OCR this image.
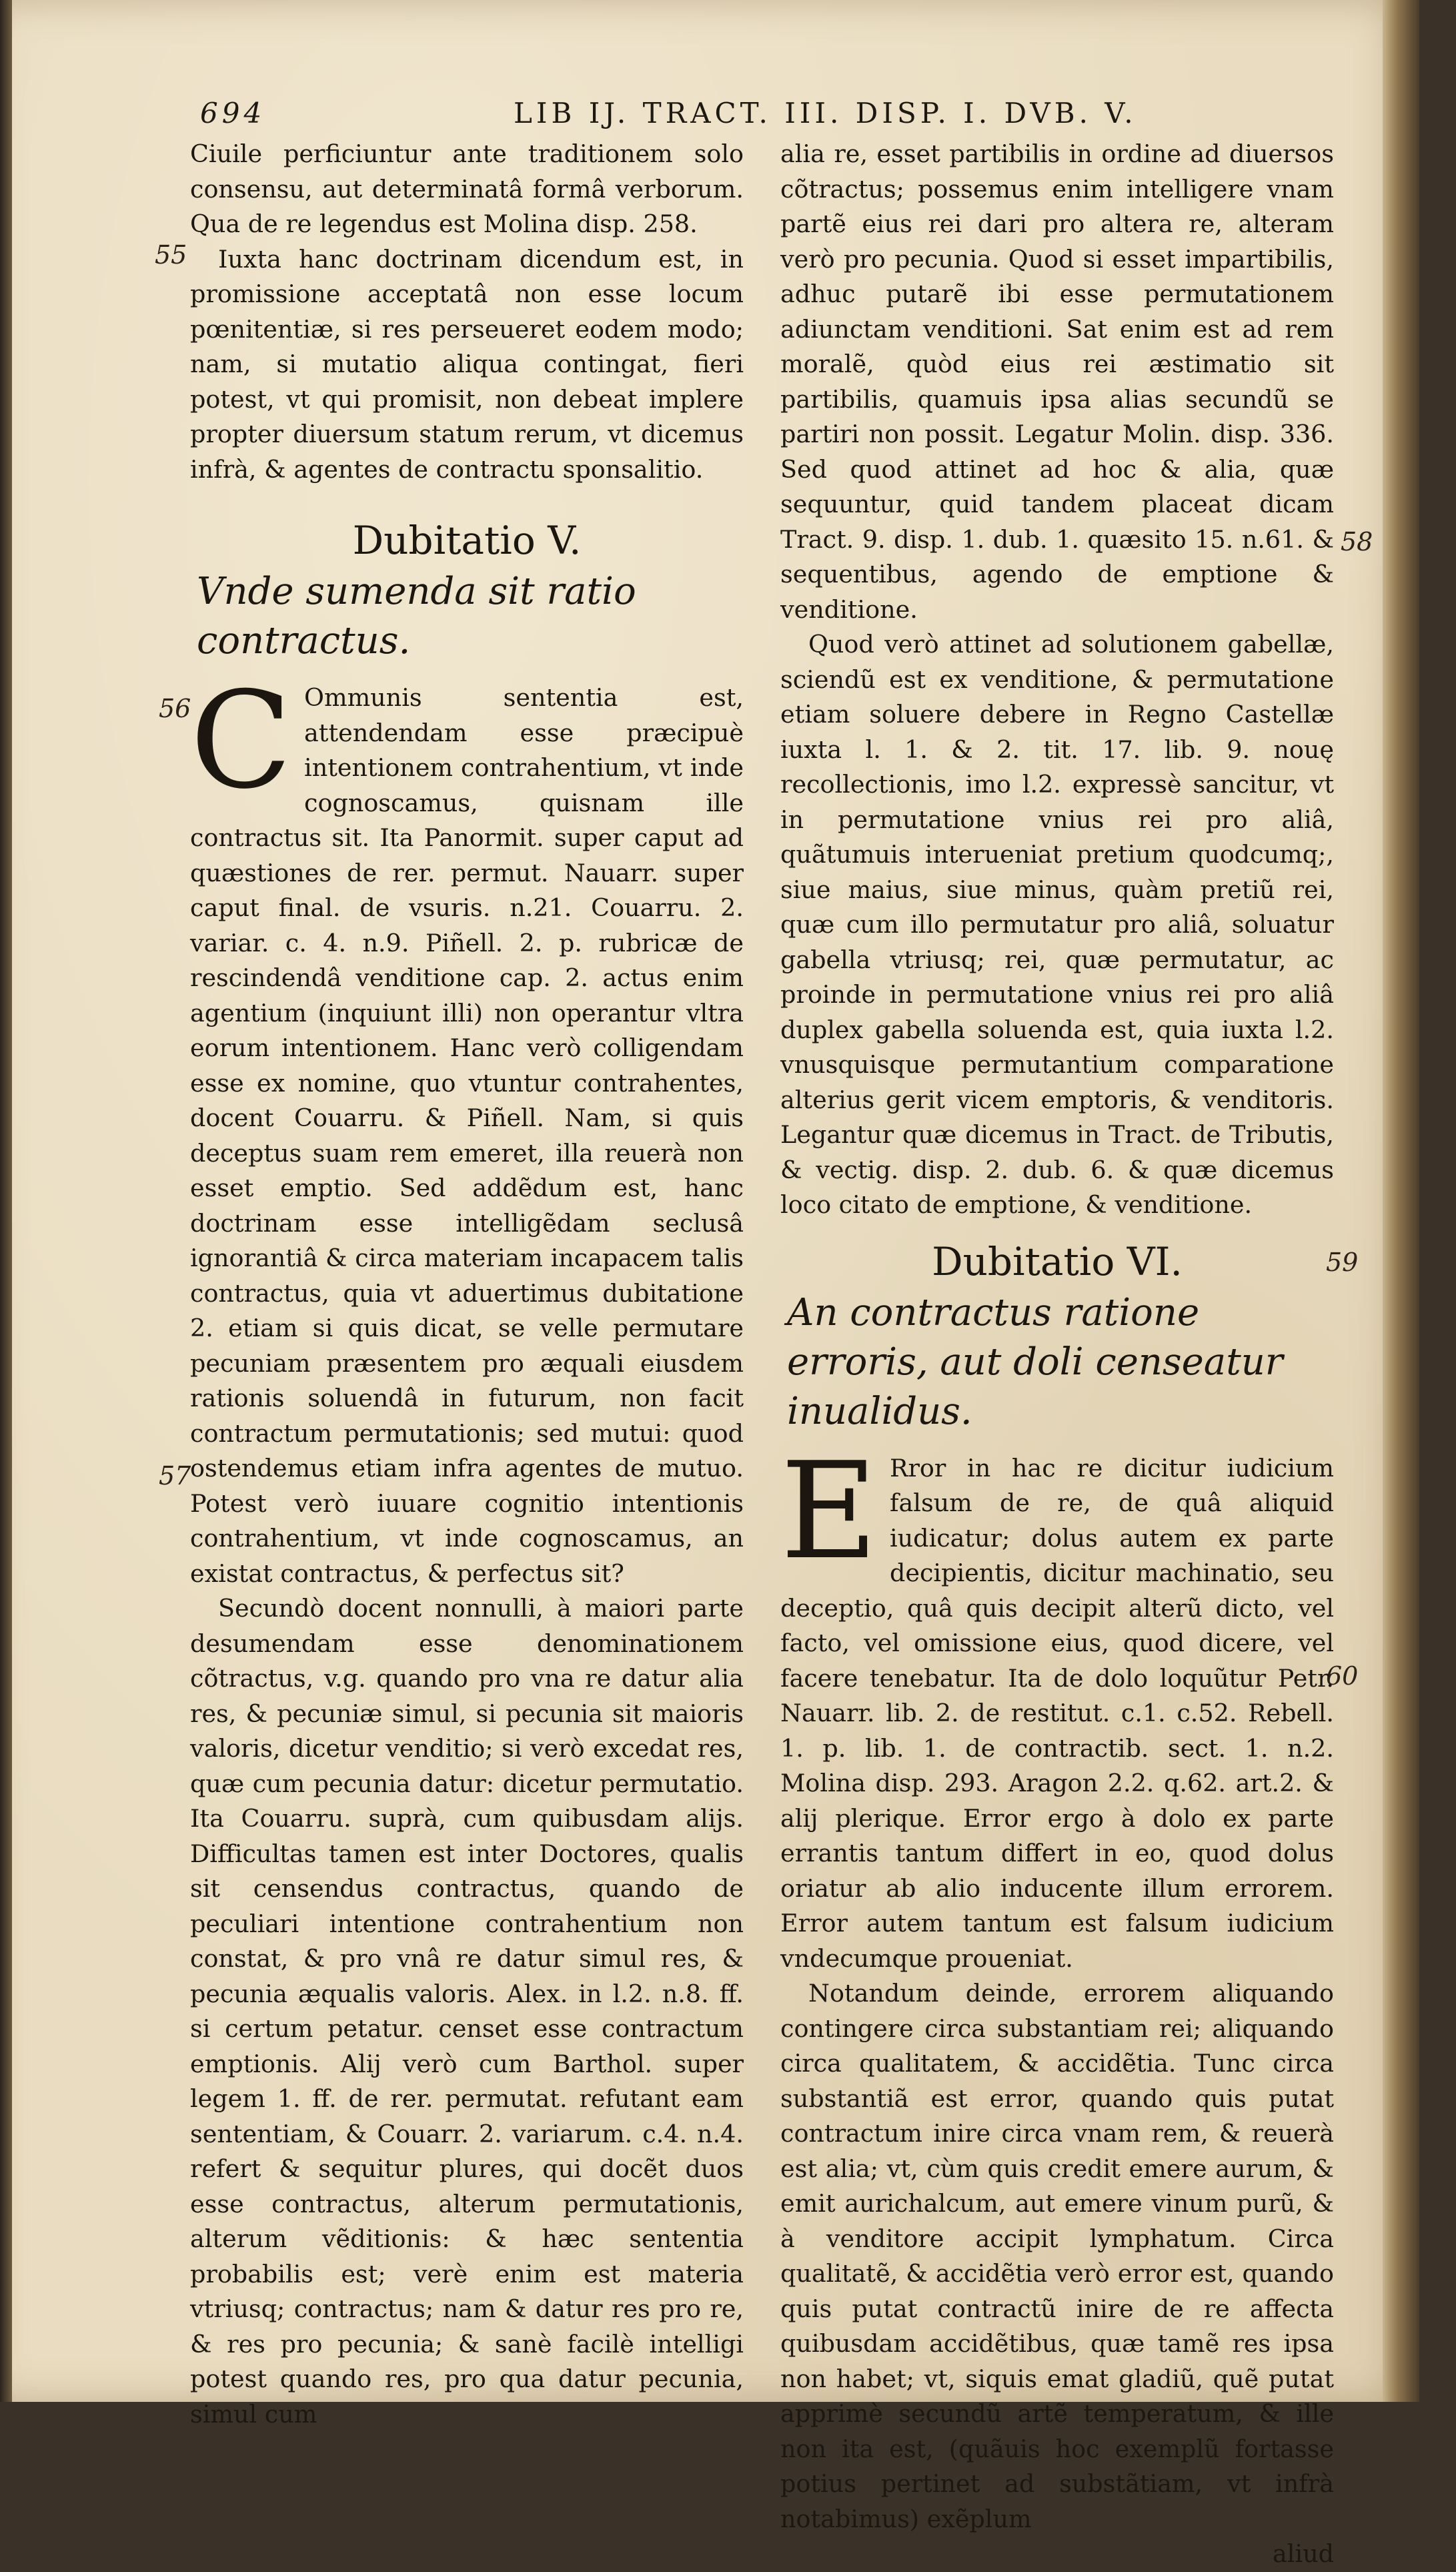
694	LIB IJ. TRACT. III. DISP. I. DVB. V.
55
56
57
58
59
60

Ciuile perficiuntur ante traditionem solo consensu, aut determinatâ formâ verborum. Qua de re legendus est Molina disp. 258.

Iuxta hanc doctrinam dicendum est, in promissione acceptatâ non esse locum pœnitentiæ, si res perseueret eodem modo; nam, si mutatio aliqua contingat, fieri potest, vt qui promisit, non debeat implere propter diuersum statum rerum, vt dicemus infrà, & agentes de contractu sponsalitio.

Dubitatio V.
Vnde sumenda sit ratio contractus.

C Ommunis sententia est, attendendam esse præcipuè intentionem contrahentium, vt inde cognoscamus, quisnam ille contractus sit. Ita Panormit. super caput ad quæstiones de rer. permut. Nauarr. super caput final. de vsuris. n.21. Couarru. 2. variar. c. 4. n.9. Piñell. 2. p. rubricæ de rescindendâ venditione cap. 2. actus enim agentium (inquiunt illi) non operantur vltra eorum intentionem. Hanc verò colligendam esse ex nomine, quo vtuntur contrahentes, docent Couarru. & Piñell. Nam, si quis deceptus suam rem emeret, illa reuerà non esset emptio. Sed addẽdum est, hanc doctrinam esse intelligẽdam seclusâ ignorantiâ & circa materiam incapacem talis contractus, quia vt aduertimus dubitatione 2. etiam si quis dicat, se velle permutare pecuniam præsentem pro æquali eiusdem rationis soluendâ in futurum, non facit contractum permutationis; sed mutui: quod ostendemus etiam infra agentes de mutuo. Potest verò iuuare cognitio intentionis contrahentium, vt inde cognoscamus, an existat contractus, & perfectus sit?

Secundò docent nonnulli, à maiori parte desumendam esse denominationem cõtractus, v.g. quando pro vna re datur alia res, & pecuniæ simul, si pecunia sit maioris valoris, dicetur venditio; si verò excedat res, quæ cum pecunia datur: dicetur permutatio. Ita Couarru. suprà, cum quibusdam alijs. Difficultas tamen est inter Doctores, qualis sit censendus contractus, quando de peculiari intentione contrahentium non constat, & pro vnâ re datur simul res, & pecunia æqualis valoris. Alex. in l.2. n.8. ff. si certum petatur. censet esse contractum emptionis. Alij verò cum Barthol. super legem 1. ff. de rer. permutat. refutant eam sententiam, & Couarr. 2. variarum. c.4. n.4. refert & sequitur plures, qui docẽt duos esse contractus, alterum permutationis, alterum vẽditionis: & hæc sententia probabilis est; verè enim est materia vtriusq; contractus; nam & datur res pro re, & res pro pecunia; & sanè facilè intelligi potest quando res, pro qua datur pecunia, simul cum

alia re, esset partibilis in ordine ad diuersos cõtractus; possemus enim intelligere vnam partẽ eius rei dari pro altera re, alteram verò pro pecunia. Quod si esset impartibilis, adhuc putarẽ ibi esse permutationem adiunctam venditioni. Sat enim est ad rem moralẽ, quòd eius rei æstimatio sit partibilis, quamuis ipsa alias secundũ se partiri non possit. Legatur Molin. disp. 336. Sed quod attinet ad hoc & alia, quæ sequuntur, quid tandem placeat dicam Tract. 9. disp. 1. dub. 1. quæsito 15. n.61. & sequentibus, agendo de emptione & venditione.

Quod verò attinet ad solutionem gabellæ, sciendũ est ex venditione, & permutatione etiam soluere debere in Regno Castellæ iuxta l. 1. & 2. tit. 17. lib. 9. nouę recollectionis, imo l.2. expressè sancitur, vt in permutatione vnius rei pro aliâ, quãtumuis interueniat pretium quodcumq;, siue maius, siue minus, quàm pretiũ rei, quæ cum illo permutatur pro aliâ, soluatur gabella vtriusq; rei, quæ permutatur, ac proinde in permutatione vnius rei pro aliâ duplex gabella soluenda est, quia iuxta l.2. vnusquisque permutantium comparatione alterius gerit vicem emptoris, & venditoris. Legantur quæ dicemus in Tract. de Tributis, & vectig. disp. 2. dub. 6. & quæ dicemus loco citato de emptione, & venditione.

Dubitatio VI.
An contractus ratione erroris, aut doli censeatur inualidus.

E Rror in hac re dicitur iudicium falsum de re, de quâ aliquid iudicatur; dolus autem ex parte decipientis, dicitur machinatio, seu deceptio, quâ quis decipit alterũ dicto, vel facto, vel omissione eius, quod dicere, vel facere tenebatur. Ita de dolo loquũtur Petr. Nauarr. lib. 2. de restitut. c.1. c.52. Rebell. 1. p. lib. 1. de contractib. sect. 1. n.2. Molina disp. 293. Aragon 2.2. q.62. art.2. & alij plerique. Error ergo à dolo ex parte errantis tantum differt in eo, quod dolus oriatur ab alio inducente illum errorem. Error autem tantum est falsum iudicium vndecumque proueniat.

Notandum deinde, errorem aliquando contingere circa substantiam rei; aliquando circa qualitatem, & accidẽtia. Tunc circa substantiã est error, quando quis putat contractum inire circa vnam rem, & reuerà est alia; vt, cùm quis credit emere aurum, & emit aurichalcum, aut emere vinum purũ, & à venditore accipit lymphatum. Circa qualitatẽ, & accidẽtia verò error est, quando quis putat contractũ inire de re affecta quibusdam accidẽtibus, quæ tamẽ res ipsa non habet; vt, siquis emat gladiũ, quẽ putat apprimè secundũ artẽ temperatum, & ille non ita est, (quãuis hoc exemplũ fortasse potius pertinet ad substãtiam, vt infrà notabimus) exẽplum

aliud
